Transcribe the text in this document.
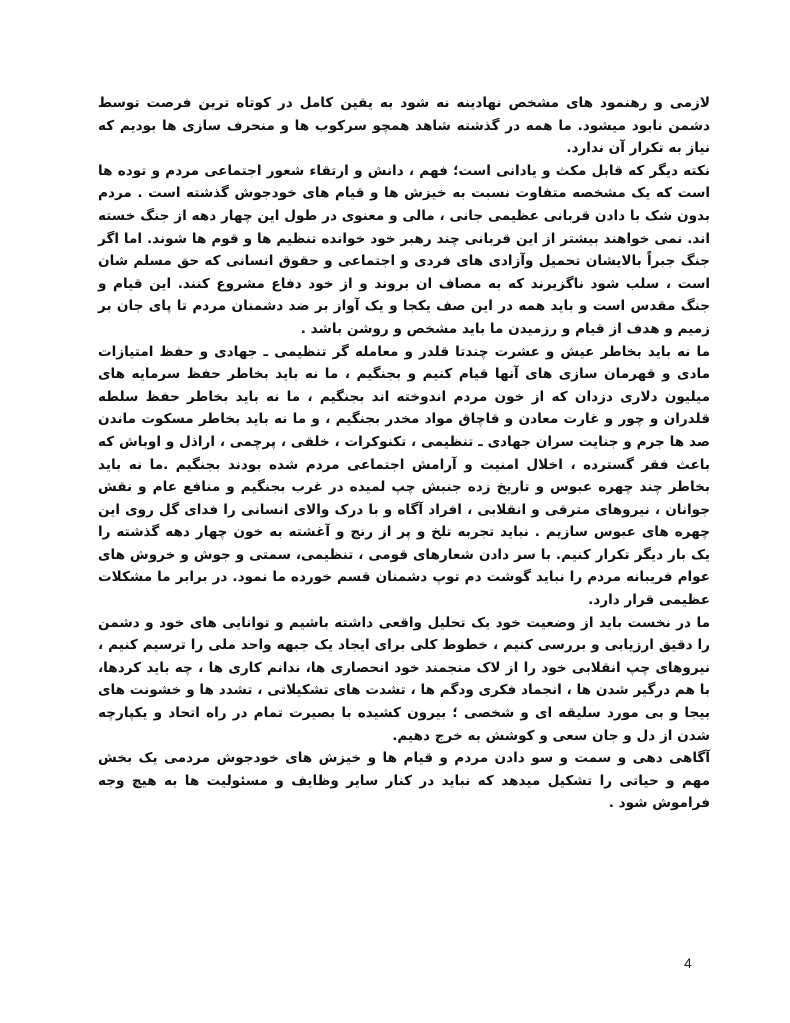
لازمی و رهنمود های مشخص نهادینه نه شود به یقین کامل در کوتاه ترین فرصت توسط دشمن نابود میشود. ما همه در گذشته شاهد همچو سرکوب ها و منحرف سازی ها بودیم که نیاز به تکرار آن ندارد.

نکته دیگر که قابل مکث و یادانی است؛ فهم ، دانش و ارتقاء شعور اجتماعی مردم و توده ها است که یک مشخصه متفاوت نسبت به خیزش ها و قیام های خودجوش گذشته است . مردم بدون شک با دادن قربانی عظیمی جانی ، مالی و معنوی در طول این چهار دهه از جنگ خسته اند. نمی خواهند بیشتر از این قربانی چند رهبر خود خوانده تنظیم ها و قوم ها شوند. اما اگر جنگ جبراً بالایشان تحمیل وآزادی های فردی و اجتماعی و حقوق انسانی که حق مسلم شان است ، سلب شود ناگزیرند که به مصاف ان بروند و از خود دفاع مشروع کنند. این قیام و جنگ مقدس است و باید همه در این صف یکجا و یک آواز بر ضد دشمنان مردم تا پای جان بر زمیم و هدف از قیام و رزمیدن ما باید مشخص و روشن باشد .

ما نه باید بخاطر عیش و عشرت چندتا قلدر و معامله گر تنظیمی ـ جهادی و حفظ امتیازات مادی و قهرمان سازی های آنها قیام کنیم و بجنگیم ، ما نه باید بخاطر حفظ سرمایه های میلیون دلاری دزدان که از خون مردم اندوخته اند بجنگیم ، ما نه باید بخاطر حفظ سلطه قلدران و چور و غارت معادن و قاچاق مواد مخدر بجنگیم ، و ما نه باید بخاطر مسکوت ماندن صد ها جرم و جنایت سران جهادی ـ تنظیمی ، تکنوکرات ، خلقی ، پرچمی ، اراذل و اوباش که باعث فقر گسترده ، اخلال امنیت و آرامش اجتماعی مردم شده بودند بجنگیم .ما نه باید بخاطر چند چهره عبوس و تاریخ زده جنبش چپ لمیده در غرب بجنگیم و منافع عام و نقش جوانان ، نیروهای مترقی و انقلابی ، افراد آگاه و با درک والای انسانی را فدای گل روی این چهره های عبوس سازیم . نباید تجربه تلخ و پر از رنج و آغشته به خون چهار دهه گذشته را یک بار دیگر تکرار کنیم. با سر دادن شعارهای قومی ، تنظیمی، سمتی و جوش و خروش های عوام فریبانه مردم را نباید گوشت دم توپ دشمنان قسم خورده ما نمود. در برابر ما مشکلات عظیمی قرار دارد.

ما در نخست باید از وضعیت خود یک تحلیل واقعی داشته باشیم و توانایی های خود و دشمن را دقیق ارزیابی و بررسی کنیم ، خطوط کلی برای ایجاد یک جبهه واحد ملی را ترسیم کنیم ، نیروهای چپ انقلابی خود را از لاک منجمند خود انحصاری ها، ندانم کاری ها ، چه باید کردها، با هم درگیر شدن ها ، انجماد فکری ودگم ها ، تشدت های تشکیلاتی ، تشدد ها و خشونت های بیجا و بی مورد سلیقه ای و شخصی ؛ بیرون کشیده با بصیرت تمام در راه اتحاد و یکپارچه شدن از دل و جان سعی و کوشش به خرج دهیم.

آگاهی دهی و سمت و سو دادن مردم و قیام ها و خیزش های خودجوش مردمی یک بخش مهم و حیاتی را تشکیل میدهد که نباید در کنار سایر وظایف و مسئولیت ها به هیچ وجه فراموش شود .

4
